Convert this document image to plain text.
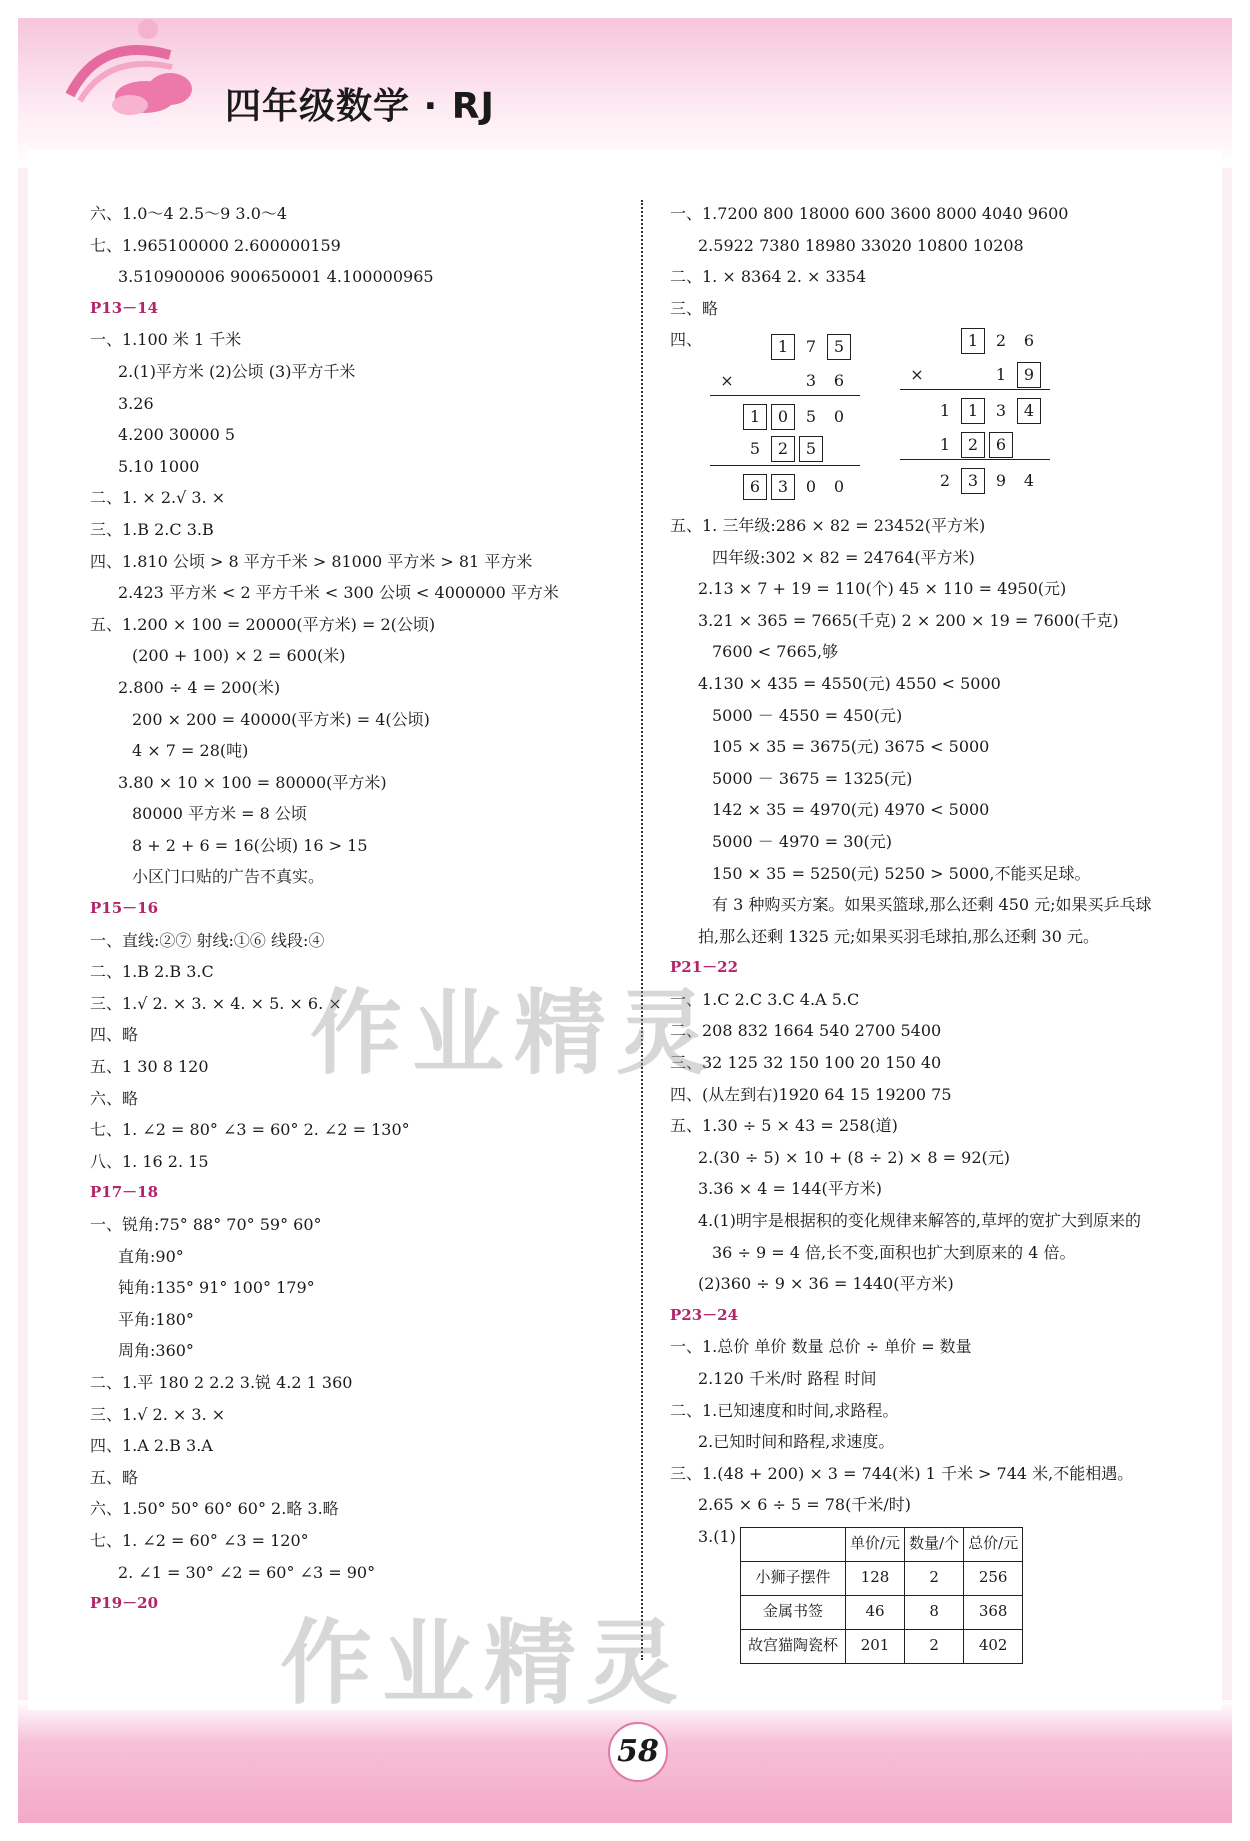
四年级数学 · RJ
六、1.0～4 2.5～9 3.0～4
七、1.965100000 2.600000159
3.510900006 900650001 4.100000965
P13－14
一、1.100 米 1 千米
2.(1)平方米 (2)公顷 (3)平方千米
3.26
4.200 30000 5
5.10 1000
二、1. × 2.√ 3. ×
三、1.B 2.C 3.B
四、1.810 公顷 > 8 平方千米 > 81000 平方米 > 81 平方米
2.423 平方米 < 2 平方千米 < 300 公顷 < 4000000 平方米
五、1.200 × 100 = 20000(平方米) = 2(公顷)
(200 + 100) × 2 = 600(米)
2.800 ÷ 4 = 200(米)
200 × 200 = 40000(平方米) = 4(公顷)
4 × 7 = 28(吨)
3.80 × 10 × 100 = 80000(平方米)
80000 平方米 = 8 公顷
8 + 2 + 6 = 16(公顷) 16 > 15
小区门口贴的广告不真实。
P15－16
一、直线:②⑦ 射线:①⑥ 线段:④
二、1.B 2.B 3.C
三、1.√ 2. × 3. × 4. × 5. × 6. ×
四、略
五、1 30 8 120
六、略
七、1. ∠2 = 80° ∠3 = 60° 2. ∠2 = 130°
八、1. 16 2. 15
P17－18
一、锐角:75° 88° 70° 59° 60°
直角:90°
钝角:135° 91° 100° 179°
平角:180°
周角:360°
二、1.平 180 2 2.2 3.锐 4.2 1 360
三、1.√ 2. × 3. ×
四、1.A 2.B 3.A
五、略
六、1.50° 50° 60° 60° 2.略 3.略
七、1. ∠2 = 60° ∠3 = 120°
2. ∠1 = 30° ∠2 = 60° ∠3 = 90°
P19－20
一、1.7200 800 18000 600 3600 8000 4040 9600
2.5922 7380 18980 33020 10800 10208
二、1. × 8364 2. × 3354
三、略
四、	1	7	5
×	3	6
1	0	5	0
5	2	5
6	3	0	0
1	2	6
×	1	9
1	1	3	4
1	2	6
2	3	9	4
五、1. 三年级:286 × 82 = 23452(平方米)
四年级:302 × 82 = 24764(平方米)
2.13 × 7 + 19 = 110(个) 45 × 110 = 4950(元)
3.21 × 365 = 7665(千克) 2 × 200 × 19 = 7600(千克)
7600 < 7665,够
4.130 × 435 = 4550(元) 4550 < 5000
5000 － 4550 = 450(元)
105 × 35 = 3675(元) 3675 < 5000
5000 － 3675 = 1325(元)
142 × 35 = 4970(元) 4970 < 5000
5000 － 4970 = 30(元)
150 × 35 = 5250(元) 5250 > 5000,不能买足球。
有 3 种购买方案。如果买篮球,那么还剩 450 元;如果买乒乓球
拍,那么还剩 1325 元;如果买羽毛球拍,那么还剩 30 元。
P21－22
一、1.C 2.C 3.C 4.A 5.C
二、208 832 1664 540 2700 5400
三、32 125 32 150 100 20 150 40
四、(从左到右)1920 64 15 19200 75
五、1.30 ÷ 5 × 43 = 258(道)
2.(30 ÷ 5) × 10 + (8 ÷ 2) × 8 = 92(元)
3.36 × 4 = 144(平方米)
4.(1)明宇是根据积的变化规律来解答的,草坪的宽扩大到原来的
36 ÷ 9 = 4 倍,长不变,面积也扩大到原来的 4 倍。
(2)360 ÷ 9 × 36 = 1440(平方米)
P23－24
一、1.总价 单价 数量 总价 ÷ 单价 = 数量
2.120 千米/时 路程 时间
二、1.已知速度和时间,求路程。
2.已知时间和路程,求速度。
三、1.(48 + 200) × 3 = 744(米) 1 千米 > 744 米,不能相遇。
2.65 × 6 ÷ 5 = 78(千米/时)
3.(1)
		单价/元	数量/个	总价/元
小狮子摆件	128	2	256
金属书签	46	8	368
故宫猫陶瓷杯	201	2	402
作业精灵
作业精灵
58
